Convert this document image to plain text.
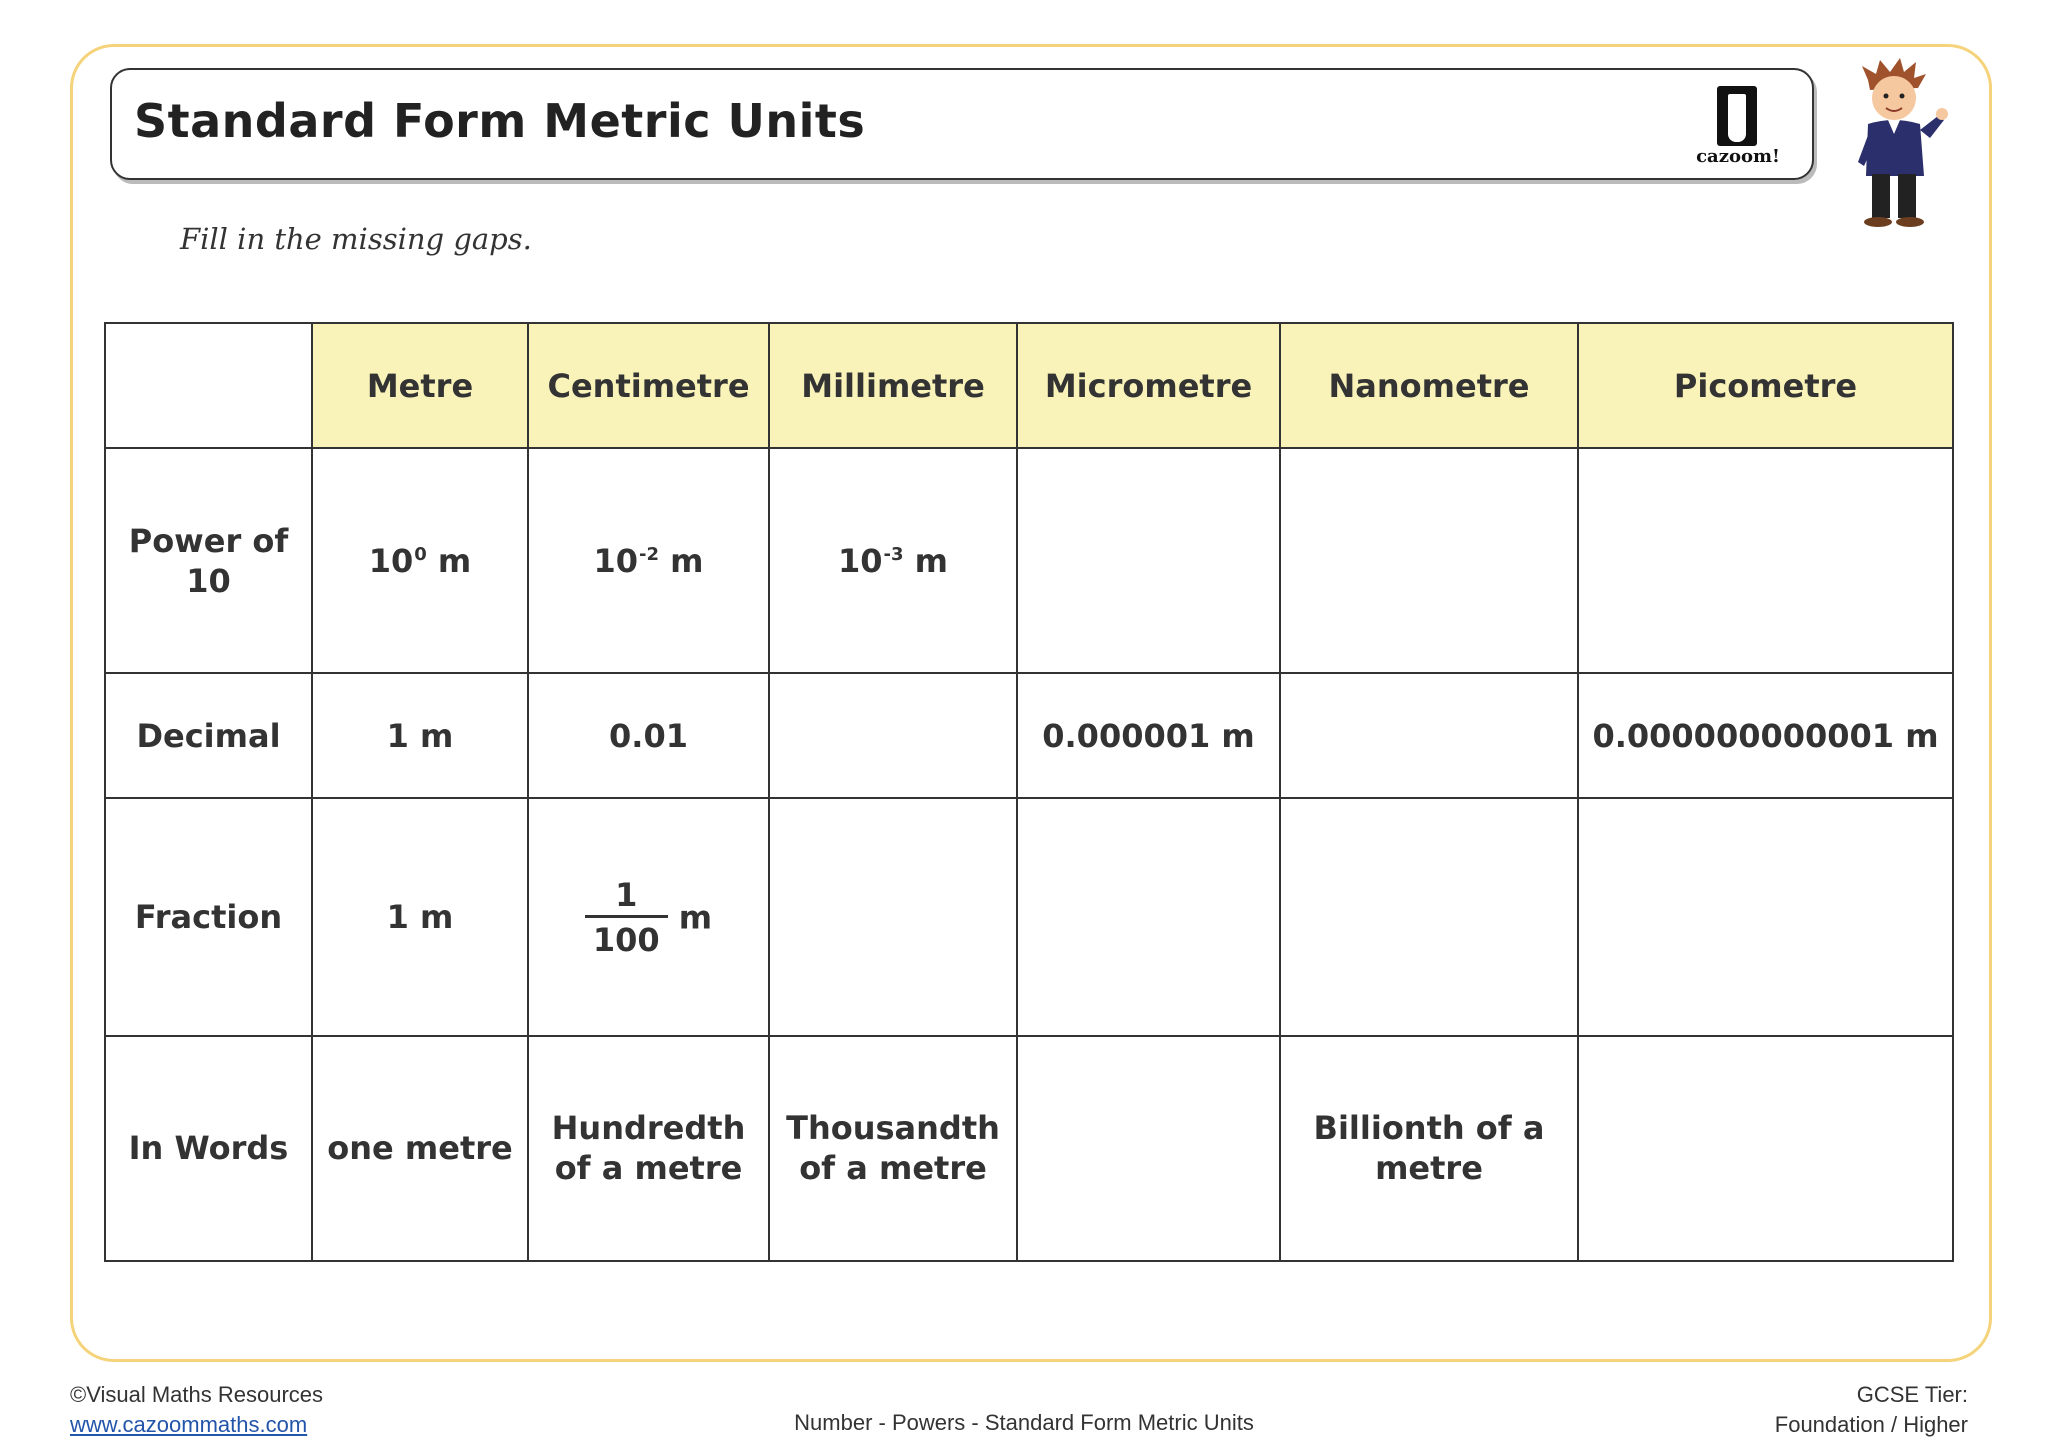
Standard Form Metric Units
cazoom!
Fill in the missing gaps.
	Metre	Centimetre	Millimetre	Micrometre	Nanometre	Picometre
Power of 10	$10^0$ m	$10^{-2}$ m	$10^{-3}$ m			
Decimal	1 m	0.01		0.000001 m		0.000000000001 m
Fraction	1 m	$\frac{1}{100}$ m				
In Words	one metre	Hundredth of a metre	Thousandth of a metre		Billionth of a metre	
©Visual Maths Resources
www.cazoommaths.com	Number - Powers - Standard Form Metric Units
GCSE Tier:
Foundation / Higher
